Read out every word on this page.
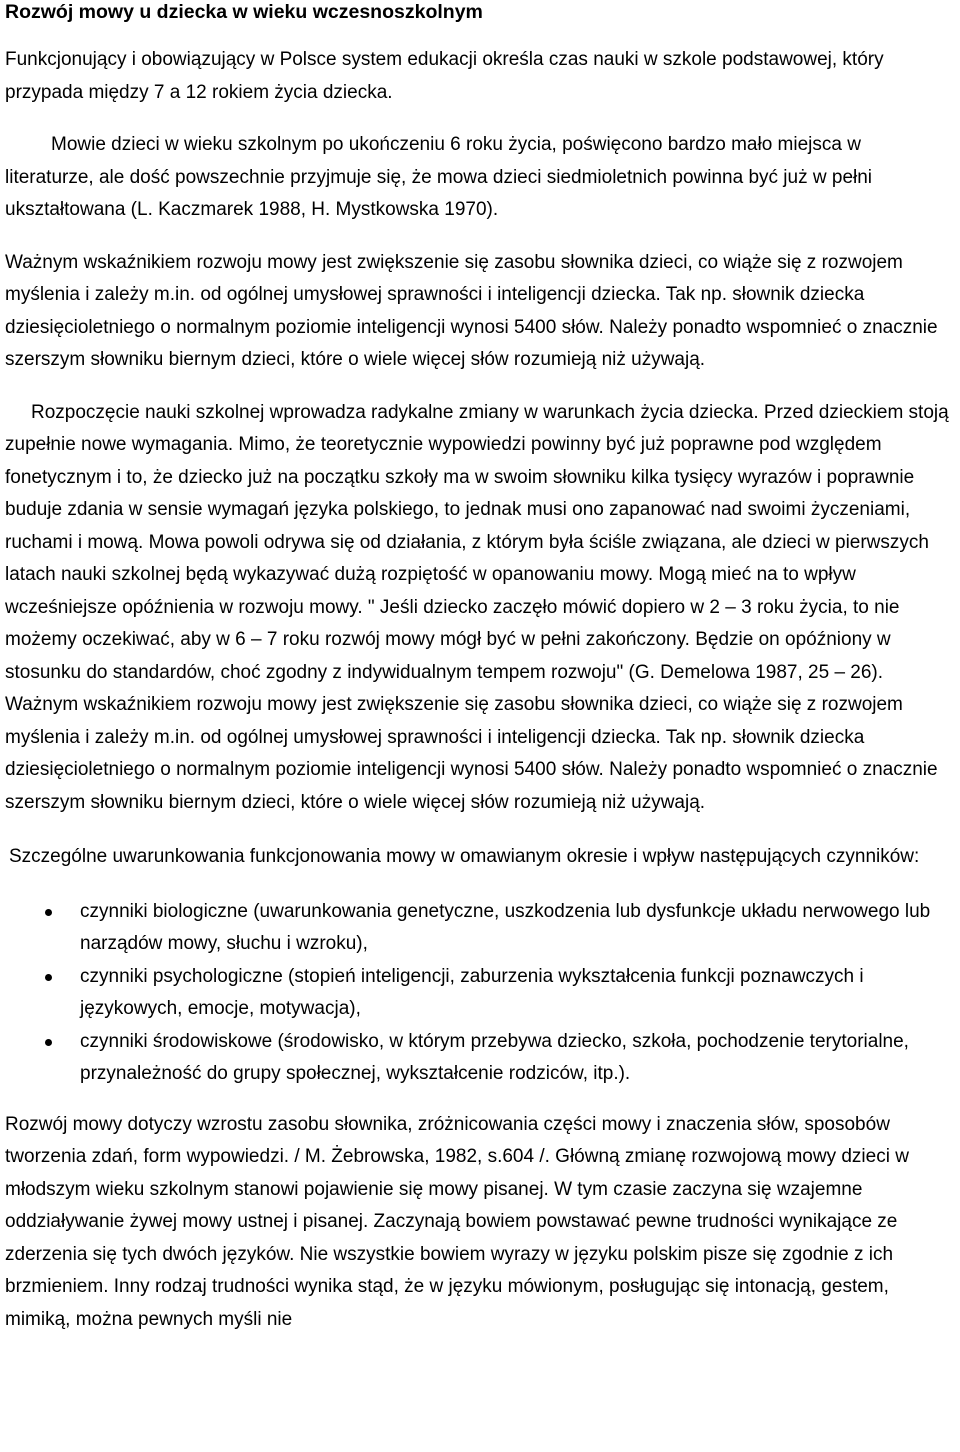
Rozwój mowy u dziecka w wieku wczesnoszkolnym

Funkcjonujący i obowiązujący w Polsce system edukacji określa czas nauki w szkole podstawowej, który przypada między 7 a 12 rokiem życia dziecka.

Mowie dzieci w wieku szkolnym po ukończeniu 6 roku życia, poświęcono bardzo mało miejsca w literaturze, ale dość powszechnie przyjmuje się, że mowa dzieci siedmioletnich powinna być już w pełni ukształtowana (L. Kaczmarek 1988, H. Mystkowska 1970).

Ważnym wskaźnikiem rozwoju mowy jest zwiększenie się zasobu słownika dzieci, co wiąże się z rozwojem myślenia i zależy m.in. od ogólnej umysłowej sprawności i inteligencji dziecka. Tak np. słownik dziecka dziesięcioletniego o normalnym poziomie inteligencji wynosi 5400 słów. Należy ponadto wspomnieć o znacznie szerszym słowniku biernym dzieci, które o wiele więcej słów rozumieją niż używają.

Rozpoczęcie nauki szkolnej wprowadza radykalne zmiany w warunkach życia dziecka. Przed dzieckiem stoją zupełnie nowe wymagania. Mimo, że teoretycznie wypowiedzi powinny być już poprawne pod względem fonetycznym i to, że dziecko już na początku szkoły ma w swoim słowniku kilka tysięcy wyrazów i poprawnie buduje zdania w sensie wymagań języka polskiego, to jednak musi ono zapanować nad swoimi życzeniami, ruchami i mową. Mowa powoli odrywa się od działania, z którym była ściśle związana, ale dzieci w pierwszych latach nauki szkolnej będą wykazywać dużą rozpiętość w opanowaniu mowy. Mogą mieć na to wpływ wcześniejsze opóźnienia w rozwoju mowy. " Jeśli dziecko zaczęło mówić dopiero w 2 – 3 roku życia, to nie możemy oczekiwać, aby w 6 – 7 roku rozwój mowy mógł być w pełni zakończony. Będzie on opóźniony w stosunku do standardów, choć zgodny z indywidualnym tempem rozwoju" (G. Demelowa 1987, 25 – 26). Ważnym wskaźnikiem rozwoju mowy jest zwiększenie się zasobu słownika dzieci, co wiąże się z rozwojem myślenia i zależy m.in. od ogólnej umysłowej sprawności i inteligencji dziecka. Tak np. słownik dziecka dziesięcioletniego o normalnym poziomie inteligencji wynosi 5400 słów. Należy ponadto wspomnieć o znacznie szerszym słowniku biernym dzieci, które o wiele więcej słów rozumieją niż używają.

Szczególne uwarunkowania funkcjonowania mowy w omawianym okresie i wpływ następujących czynników:

czynniki biologiczne (uwarunkowania genetyczne, uszkodzenia lub dysfunkcje układu nerwowego lub narządów mowy, słuchu i wzroku),
czynniki psychologiczne (stopień inteligencji, zaburzenia wykształcenia funkcji poznawczych i językowych, emocje, motywacja),
czynniki środowiskowe (środowisko, w którym przebywa dziecko, szkoła, pochodzenie terytorialne, przynależność do grupy społecznej, wykształcenie rodziców, itp.).

Rozwój mowy dotyczy wzrostu zasobu słownika, zróżnicowania części mowy i znaczenia słów, sposobów tworzenia zdań, form wypowiedzi. / M. Żebrowska, 1982, s.604 /. Główną zmianę rozwojową mowy dzieci w młodszym wieku szkolnym stanowi pojawienie się mowy pisanej. W tym czasie zaczyna się wzajemne oddziaływanie żywej mowy ustnej i pisanej. Zaczynają bowiem powstawać pewne trudności wynikające ze zderzenia się tych dwóch języków. Nie wszystkie bowiem wyrazy w języku polskim pisze się zgodnie z ich brzmieniem. Inny rodzaj trudności wynika stąd, że w języku mówionym, posługując się intonacją, gestem, mimiką, można pewnych myśli nie
